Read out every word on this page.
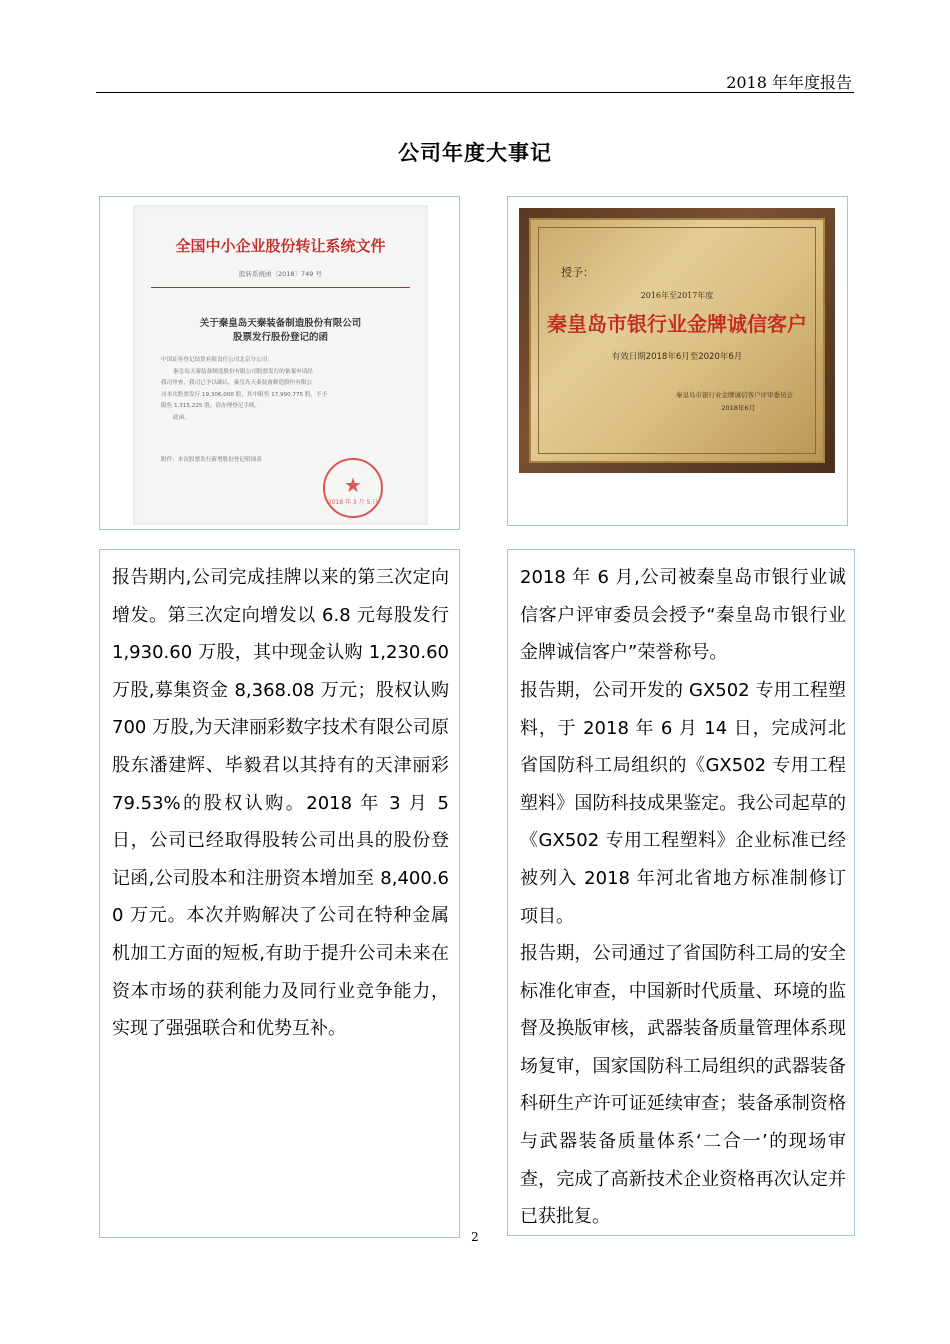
2018 年年度报告
公司年度大事记
全国中小企业股份转让系统文件
股转系统函〔2018〕749 号
关于秦皇岛天秦装备制造股份有限公司
股票发行股份登记的函

中国证券登记结算有限责任公司北京分公司：

秦皇岛天秦装备制造股份有限公司股票发行的备案申请经

我司审查，我司已予以确认。秦皇岛天秦装备制造股份有限公

司本次股票发行 19,306,000 股，其中限售 17,990,775 股，不予

限售 1,315,225 股。请办理登记手续。

此函。

附件：本次股票发行新增股份登记明细表
★
2018 年 3 月 5 日
授予：
2016年至2017年度
秦皇岛市银行业金牌诚信客户
有效日期2018年6月至2020年6月
秦皇岛市银行业金牌诚信客户评审委员会
2018年6月

报告期内,公司完成挂牌以来的第三次定向增发。第三次定向增发以 6.8 元每股发行 1,930.60 万股，其中现金认购 1,230.60 万股,募集资金 8,368.08 万元；股权认购 700 万股,为天津丽彩数字技术有限公司原股东潘建辉、毕毅君以其持有的天津丽彩 79.53%的股权认购。2018 年 3 月 5 日，公司已经取得股转公司出具的股份登记函,公司股本和注册资本增加至 8,400.60 万元。本次并购解决了公司在特种金属机加工方面的短板,有助于提升公司未来在资本市场的获利能力及同行业竞争能力，实现了强强联合和优势互补。

2018 年 6 月,公司被秦皇岛市银行业诚信客户评审委员会授予“秦皇岛市银行业金牌诚信客户”荣誉称号。

报告期，公司开发的 GX502 专用工程塑料，于 2018 年 6 月 14 日，完成河北省国防科工局组织的《GX502 专用工程塑料》国防科技成果鉴定。我公司起草的《GX502 专用工程塑料》企业标准已经被列入 2018 年河北省地方标准制修订项目。

报告期，公司通过了省国防科工局的安全标准化审查，中国新时代质量、环境的监督及换版审核，武器装备质量管理体系现场复审，国家国防科工局组织的武器装备科研生产许可证延续审查；装备承制资格与武器装备质量体系‘二合一’的现场审查，完成了高新技术企业资格再次认定并已获批复。

2
